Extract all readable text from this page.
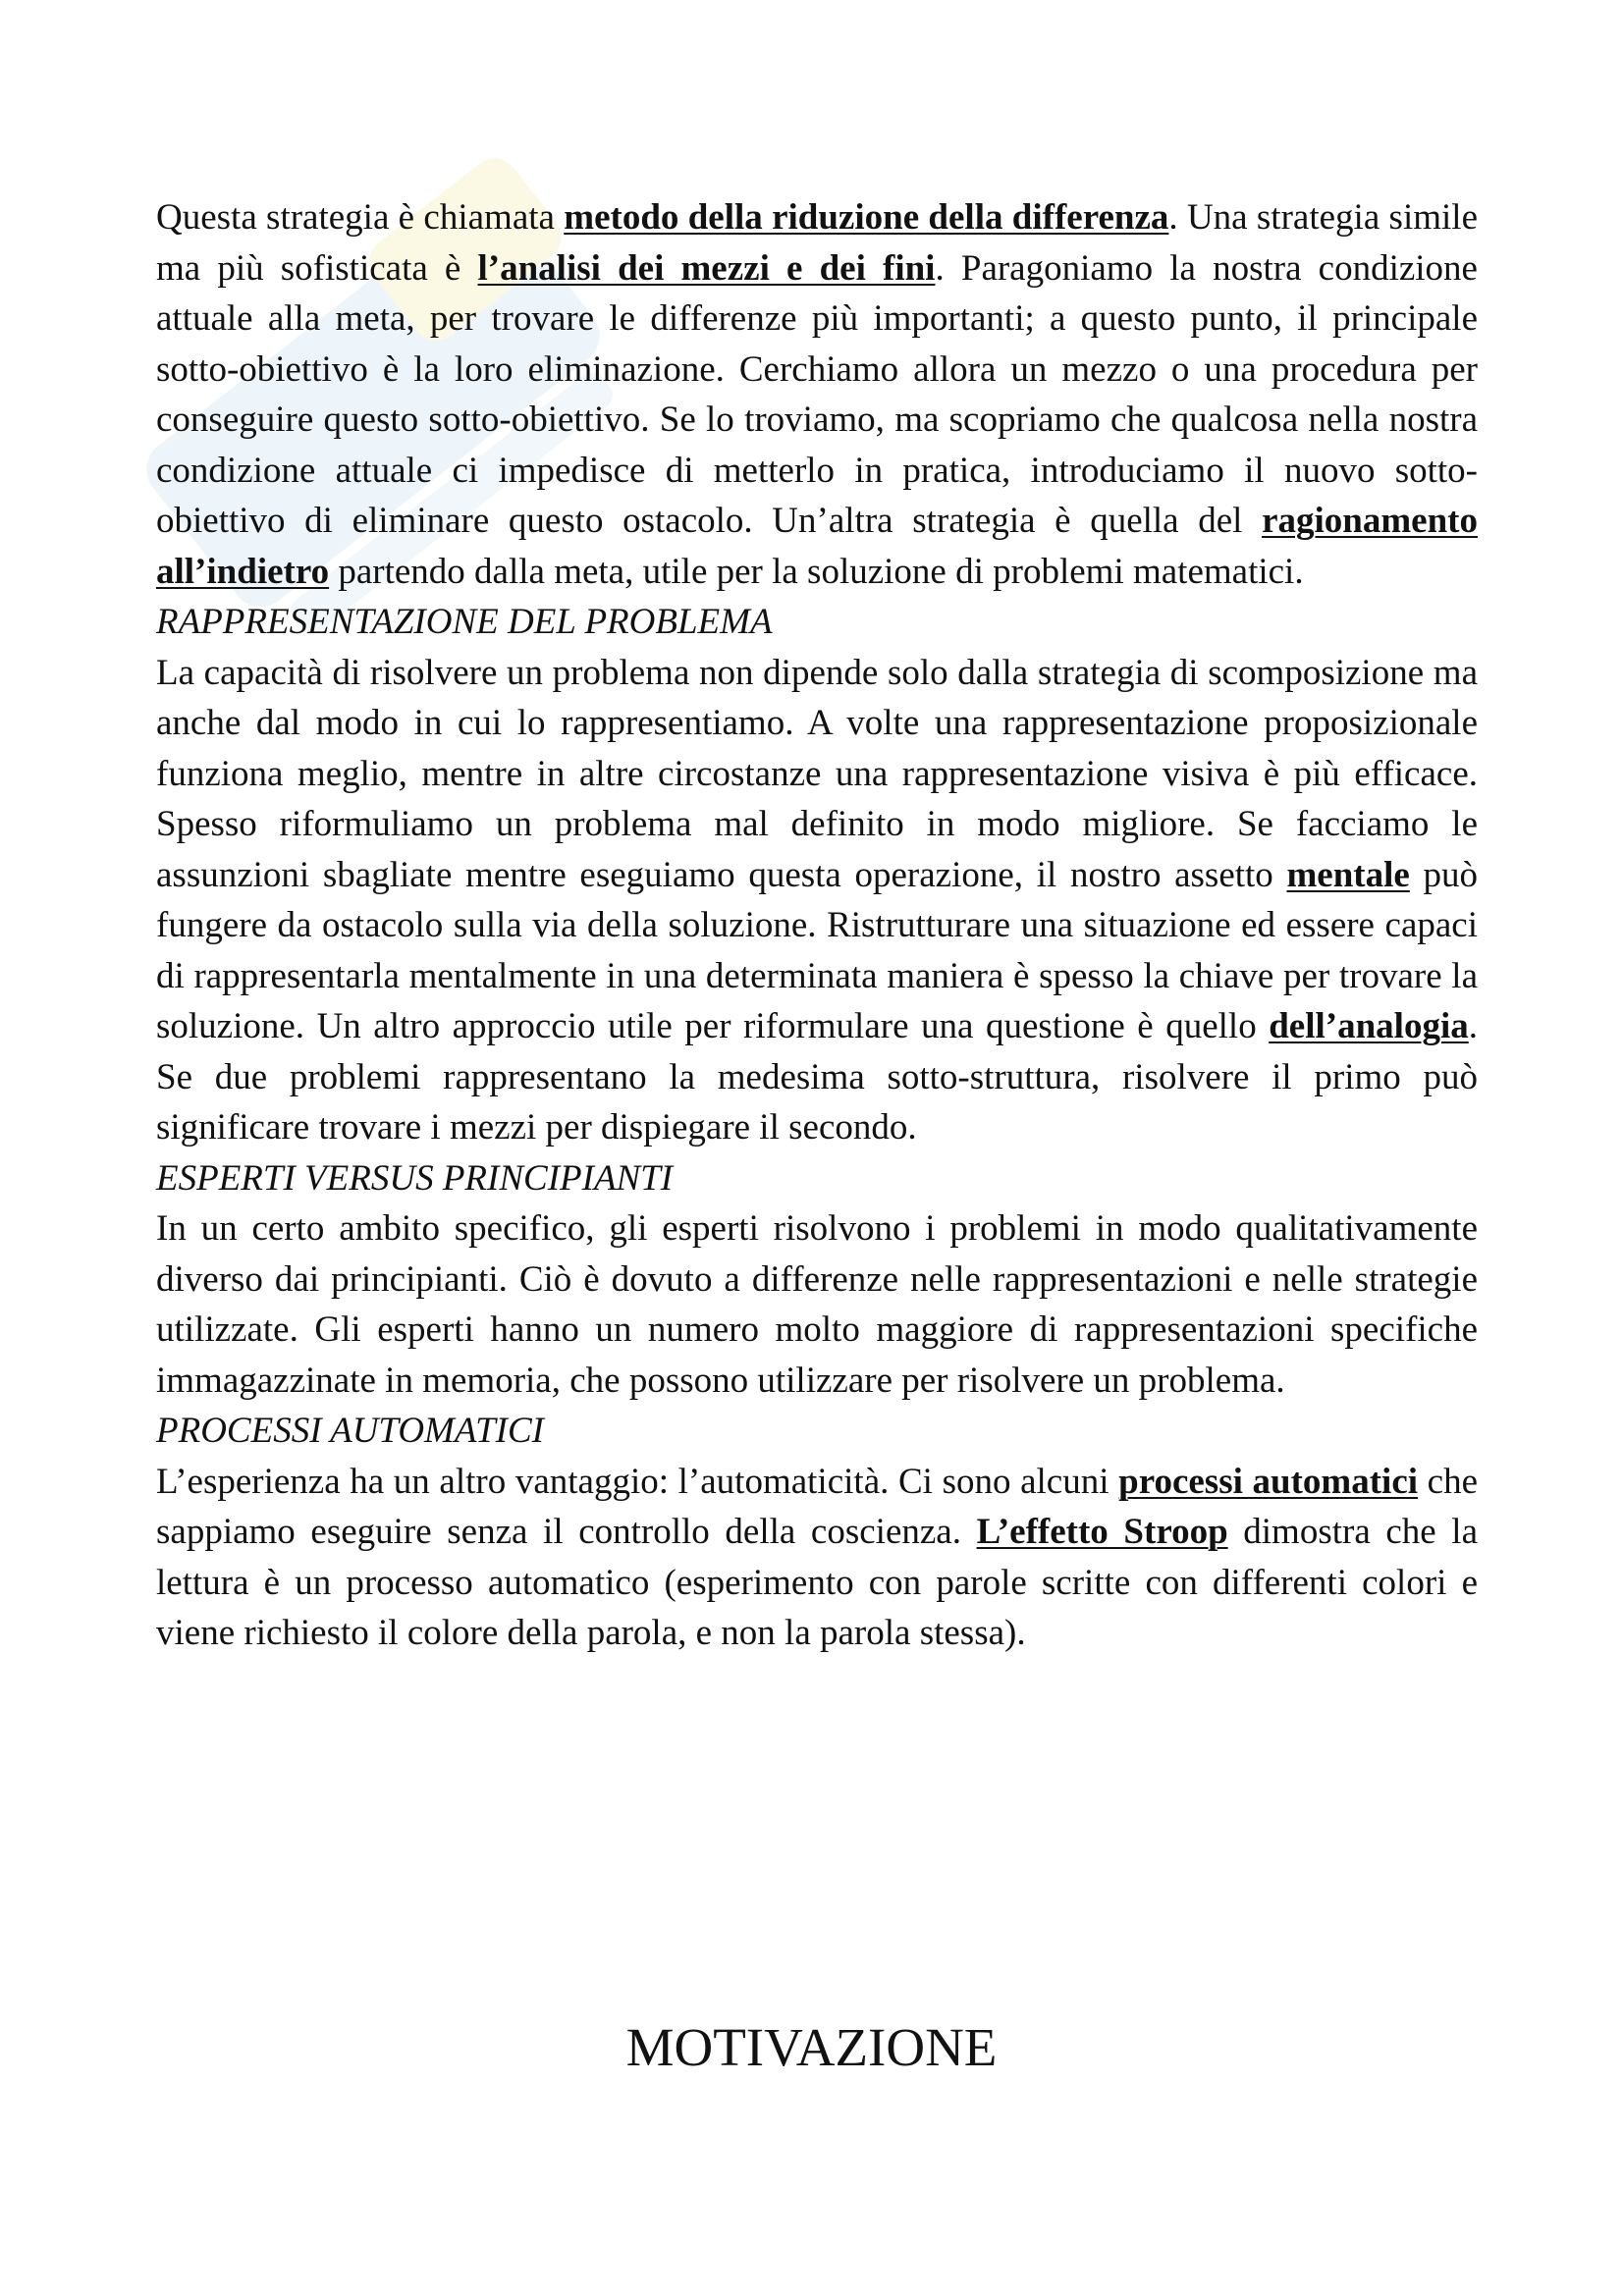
Questa strategia è chiamata metodo della riduzione della differenza. Una strategia simile ma più sofisticata è l’analisi dei mezzi e dei fini. Paragoniamo la nostra condizione attuale alla meta, per trovare le differenze più importanti; a questo punto, il principale sotto-obiettivo è la loro eliminazione. Cerchiamo allora un mezzo o una procedura per conseguire questo sotto-obiettivo. Se lo troviamo, ma scopriamo che qualcosa nella nostra condizione attuale ci impedisce di metterlo in pratica, introduciamo il nuovo sotto-obiettivo di eliminare questo ostacolo. Un’altra strategia è quella del ragionamento all’indietro partendo dalla meta, utile per la soluzione di problemi matematici.

RAPPRESENTAZIONE DEL PROBLEMA

La capacità di risolvere un problema non dipende solo dalla strategia di scomposizione ma anche dal modo in cui lo rappresentiamo. A volte una rappresentazione proposizionale funziona meglio, mentre in altre circostanze una rappresentazione visiva è più efficace. Spesso riformuliamo un problema mal definito in modo migliore. Se facciamo le assunzioni sbagliate mentre eseguiamo questa operazione, il nostro assetto mentale può fungere da ostacolo sulla via della soluzione. Ristrutturare una situazione ed essere capaci di rappresentarla mentalmente in una determinata maniera è spesso la chiave per trovare la soluzione. Un altro approccio utile per riformulare una questione è quello dell’analogia. Se due problemi rappresentano la medesima sotto-struttura, risolvere il primo può significare trovare i mezzi per dispiegare il secondo.

ESPERTI VERSUS PRINCIPIANTI

In un certo ambito specifico, gli esperti risolvono i problemi in modo qualitativamente diverso dai principianti. Ciò è dovuto a differenze nelle rappresentazioni e nelle strategie utilizzate. Gli esperti hanno un numero molto maggiore di rappresentazioni specifiche immagazzinate in memoria, che possono utilizzare per risolvere un problema.

PROCESSI AUTOMATICI

L’esperienza ha un altro vantaggio: l’automaticità. Ci sono alcuni processi automatici che sappiamo eseguire senza il controllo della coscienza. L’effetto Stroop dimostra che la lettura è un processo automatico (esperimento con parole scritte con differenti colori e viene richiesto il colore della parola, e non la parola stessa).

MOTIVAZIONE
